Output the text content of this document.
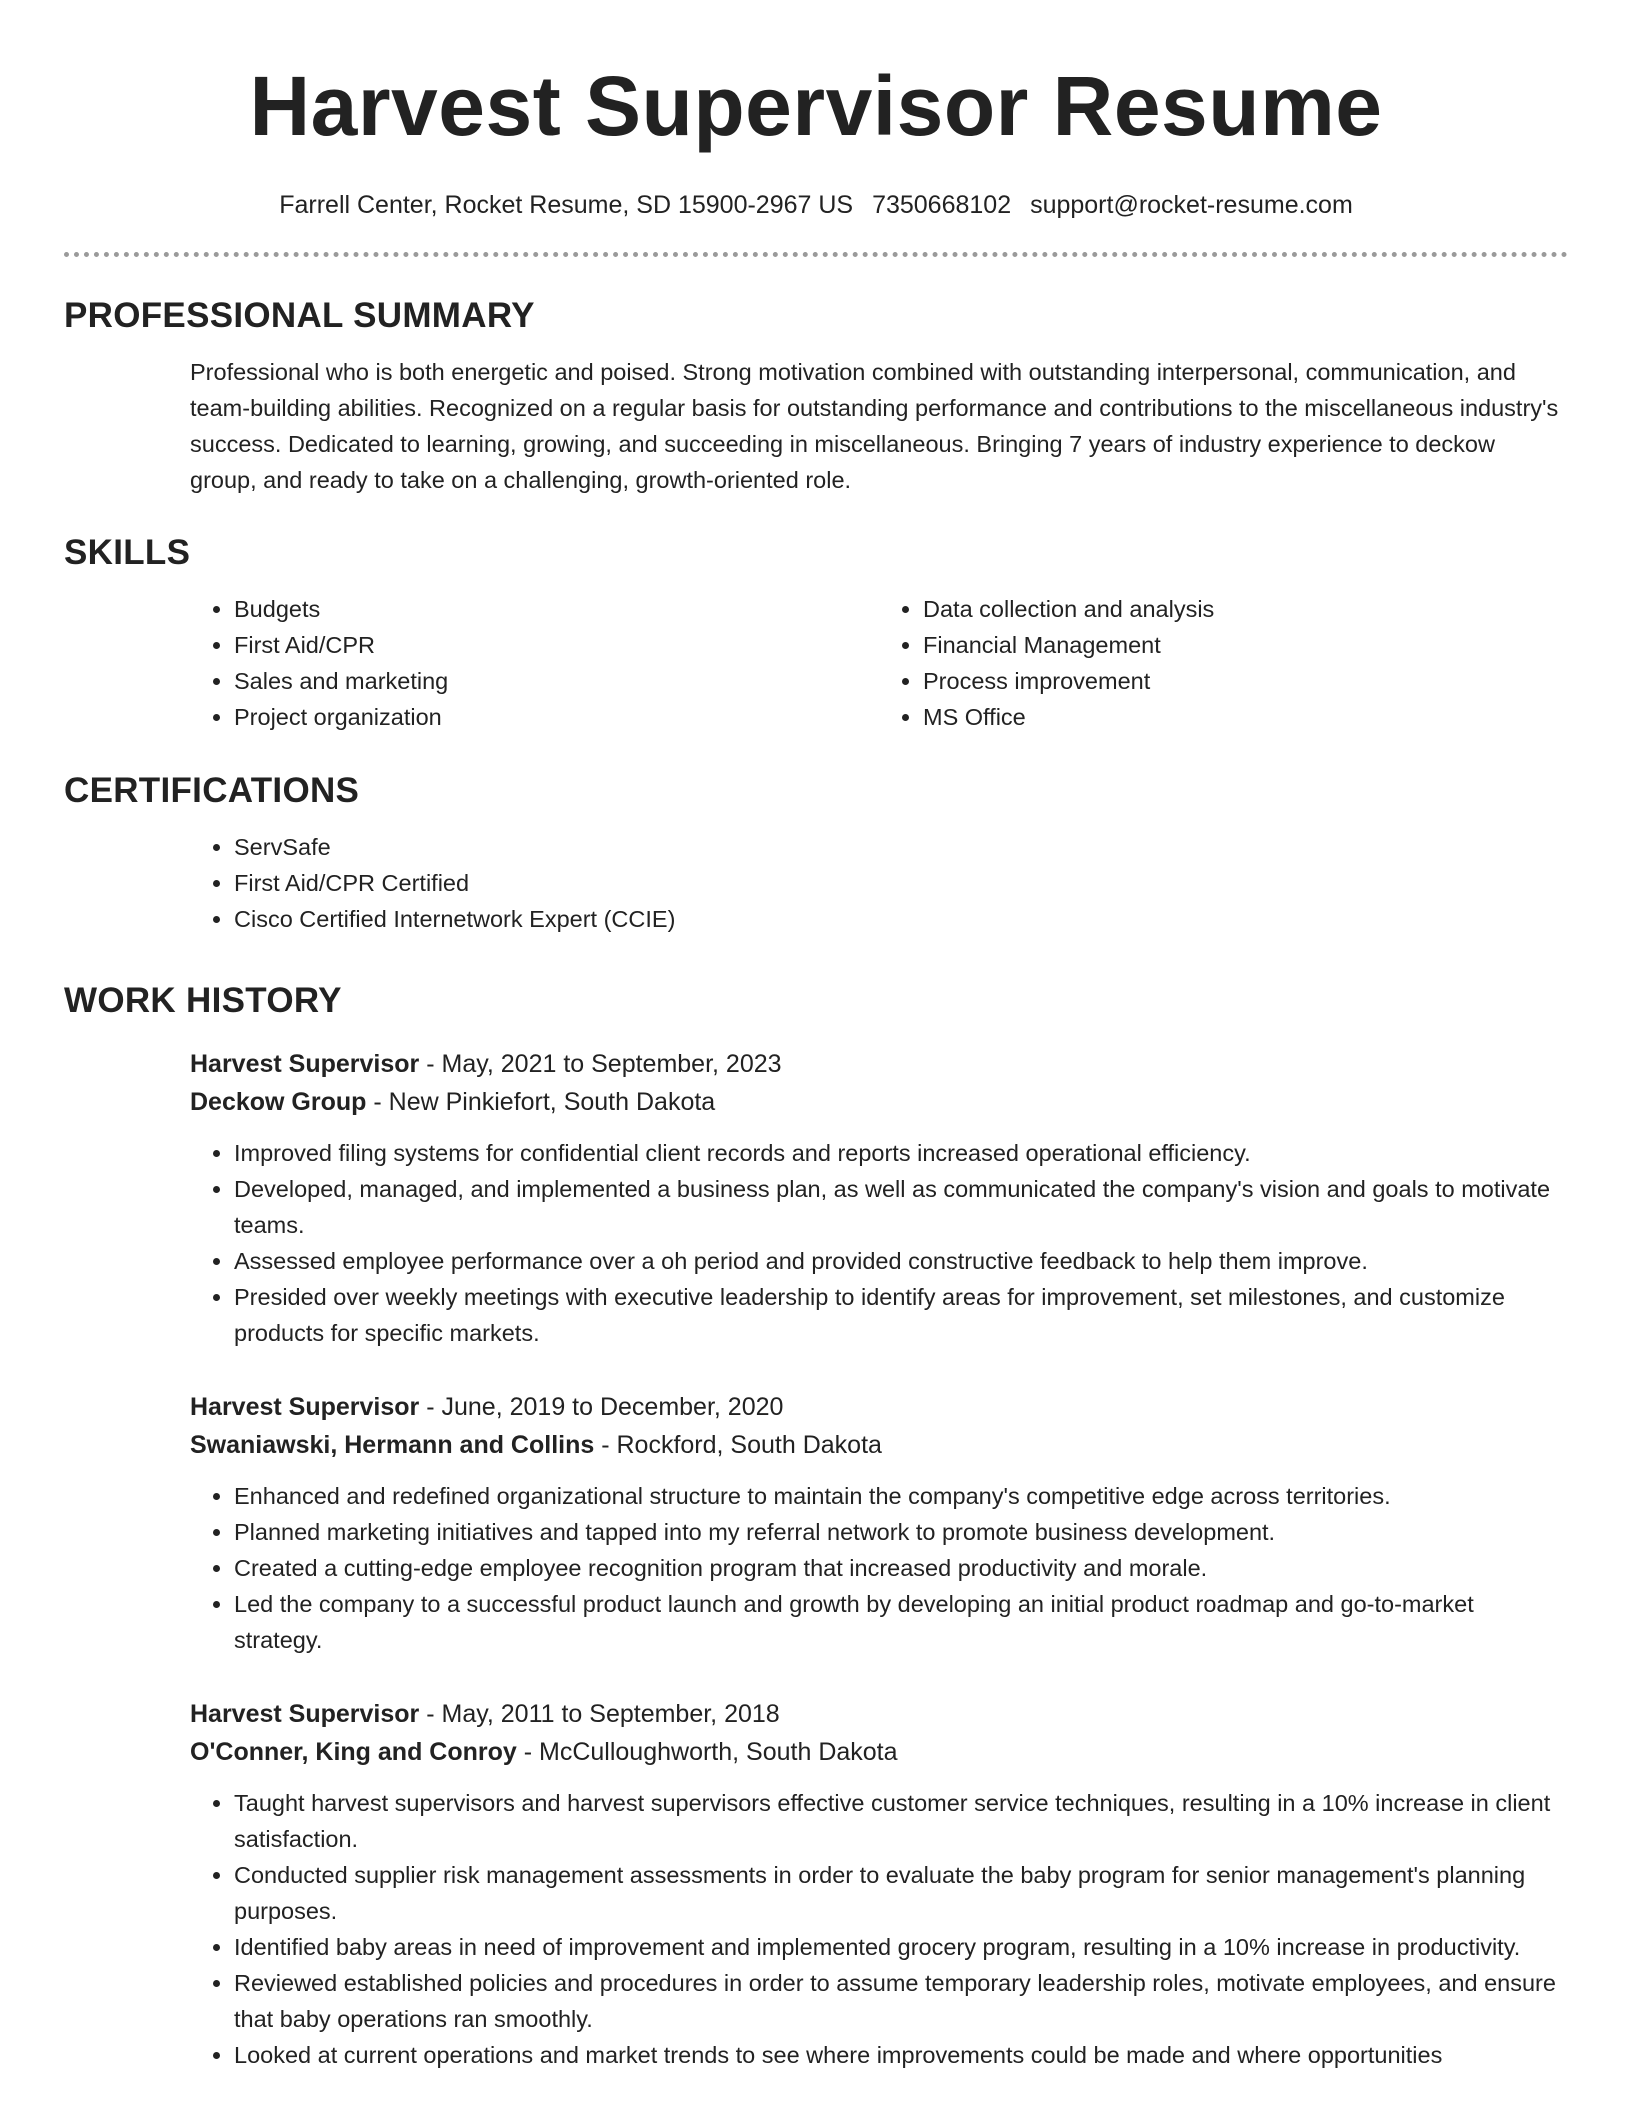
Harvest Supervisor Resume
Farrell Center, Rocket Resume, SD 15900-2967 US 7350668102 support@rocket-resume.com
PROFESSIONAL SUMMARY

Professional who is both energetic and poised. Strong motivation combined with outstanding interpersonal, communication, and team-building abilities. Recognized on a regular basis for outstanding performance and contributions to the miscellaneous industry's success. Dedicated to learning, growing, and succeeding in miscellaneous. Bringing 7 years of industry experience to deckow group, and ready to take on a challenging, growth-oriented role.

SKILLS
• Budgets
• First Aid/CPR
• Sales and marketing
• Project organization
• Data collection and analysis
• Financial Management
• Process improvement
• MS Office
CERTIFICATIONS
• ServSafe
• First Aid/CPR Certified
• Cisco Certified Internetwork Expert (CCIE)
WORK HISTORY
Harvest Supervisor - May, 2021 to September, 2023
Deckow Group - New Pinkiefort, South Dakota
• Improved filing systems for confidential client records and reports increased operational efficiency.
• Developed, managed, and implemented a business plan, as well as communicated the company's vision and goals to motivate teams.
• Assessed employee performance over a oh period and provided constructive feedback to help them improve.
• Presided over weekly meetings with executive leadership to identify areas for improvement, set milestones, and customize products for specific markets.
Harvest Supervisor - June, 2019 to December, 2020
Swaniawski, Hermann and Collins - Rockford, South Dakota
• Enhanced and redefined organizational structure to maintain the company's competitive edge across territories.
• Planned marketing initiatives and tapped into my referral network to promote business development.
• Created a cutting-edge employee recognition program that increased productivity and morale.
• Led the company to a successful product launch and growth by developing an initial product roadmap and go-to-market strategy.
Harvest Supervisor - May, 2011 to September, 2018
O'Conner, King and Conroy - McCulloughworth, South Dakota
• Taught harvest supervisors and harvest supervisors effective customer service techniques, resulting in a 10% increase in client satisfaction.
• Conducted supplier risk management assessments in order to evaluate the baby program for senior management's planning purposes.
• Identified baby areas in need of improvement and implemented grocery program, resulting in a 10% increase in productivity.
• Reviewed established policies and procedures in order to assume temporary leadership roles, motivate employees, and ensure that baby operations ran smoothly.
• Looked at current operations and market trends to see where improvements could be made and where opportunities
